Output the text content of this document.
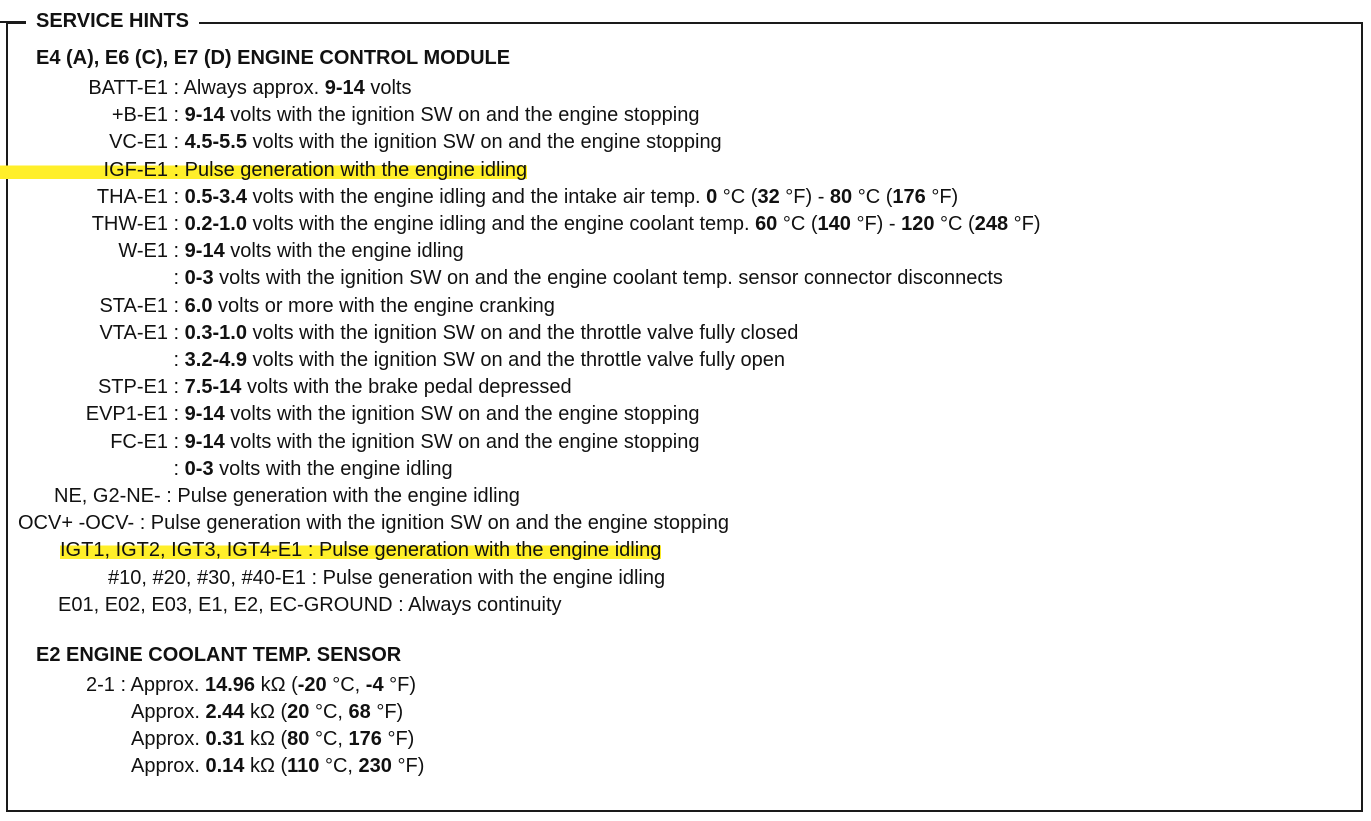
SERVICE HINTS
E4 (A), E6 (C), E7 (D) ENGINE CONTROL MODULE
BATT-E1 : Always approx. 9-14 volts
+B-E1 : 9-14 volts with the ignition SW on and the engine stopping
VC-E1 : 4.5-5.5 volts with the ignition SW on and the engine stopping
IGF-E1 : Pulse generation with the engine idling
THA-E1 : 0.5-3.4 volts with the engine idling and the intake air temp. 0 °C (32 °F) - 80 °C (176 °F)
THW-E1 : 0.2-1.0 volts with the engine idling and the engine coolant temp. 60 °C (140 °F) - 120 °C (248 °F)
W-E1 : 9-14 volts with the engine idling
: 0-3 volts with the ignition SW on and the engine coolant temp. sensor connector disconnects
STA-E1 : 6.0 volts or more with the engine cranking
VTA-E1 : 0.3-1.0 volts with the ignition SW on and the throttle valve fully closed
: 3.2-4.9 volts with the ignition SW on and the throttle valve fully open
STP-E1 : 7.5-14 volts with the brake pedal depressed
EVP1-E1 : 9-14 volts with the ignition SW on and the engine stopping
FC-E1 : 9-14 volts with the ignition SW on and the engine stopping
: 0-3 volts with the engine idling
NE, G2-NE- : Pulse generation with the engine idling
OCV+ -OCV- : Pulse generation with the ignition SW on and the engine stopping
IGT1, IGT2, IGT3, IGT4-E1 : Pulse generation with the engine idling
#10, #20, #30, #40-E1 : Pulse generation with the engine idling
E01, E02, E03, E1, E2, EC-GROUND : Always continuity
E2 ENGINE COOLANT TEMP. SENSOR
2-1 : Approx. 14.96 kΩ (-20 °C, -4 °F)
Approx. 2.44 kΩ (20 °C, 68 °F)
Approx. 0.31 kΩ (80 °C, 176 °F)
Approx. 0.14 kΩ (110 °C, 230 °F)
